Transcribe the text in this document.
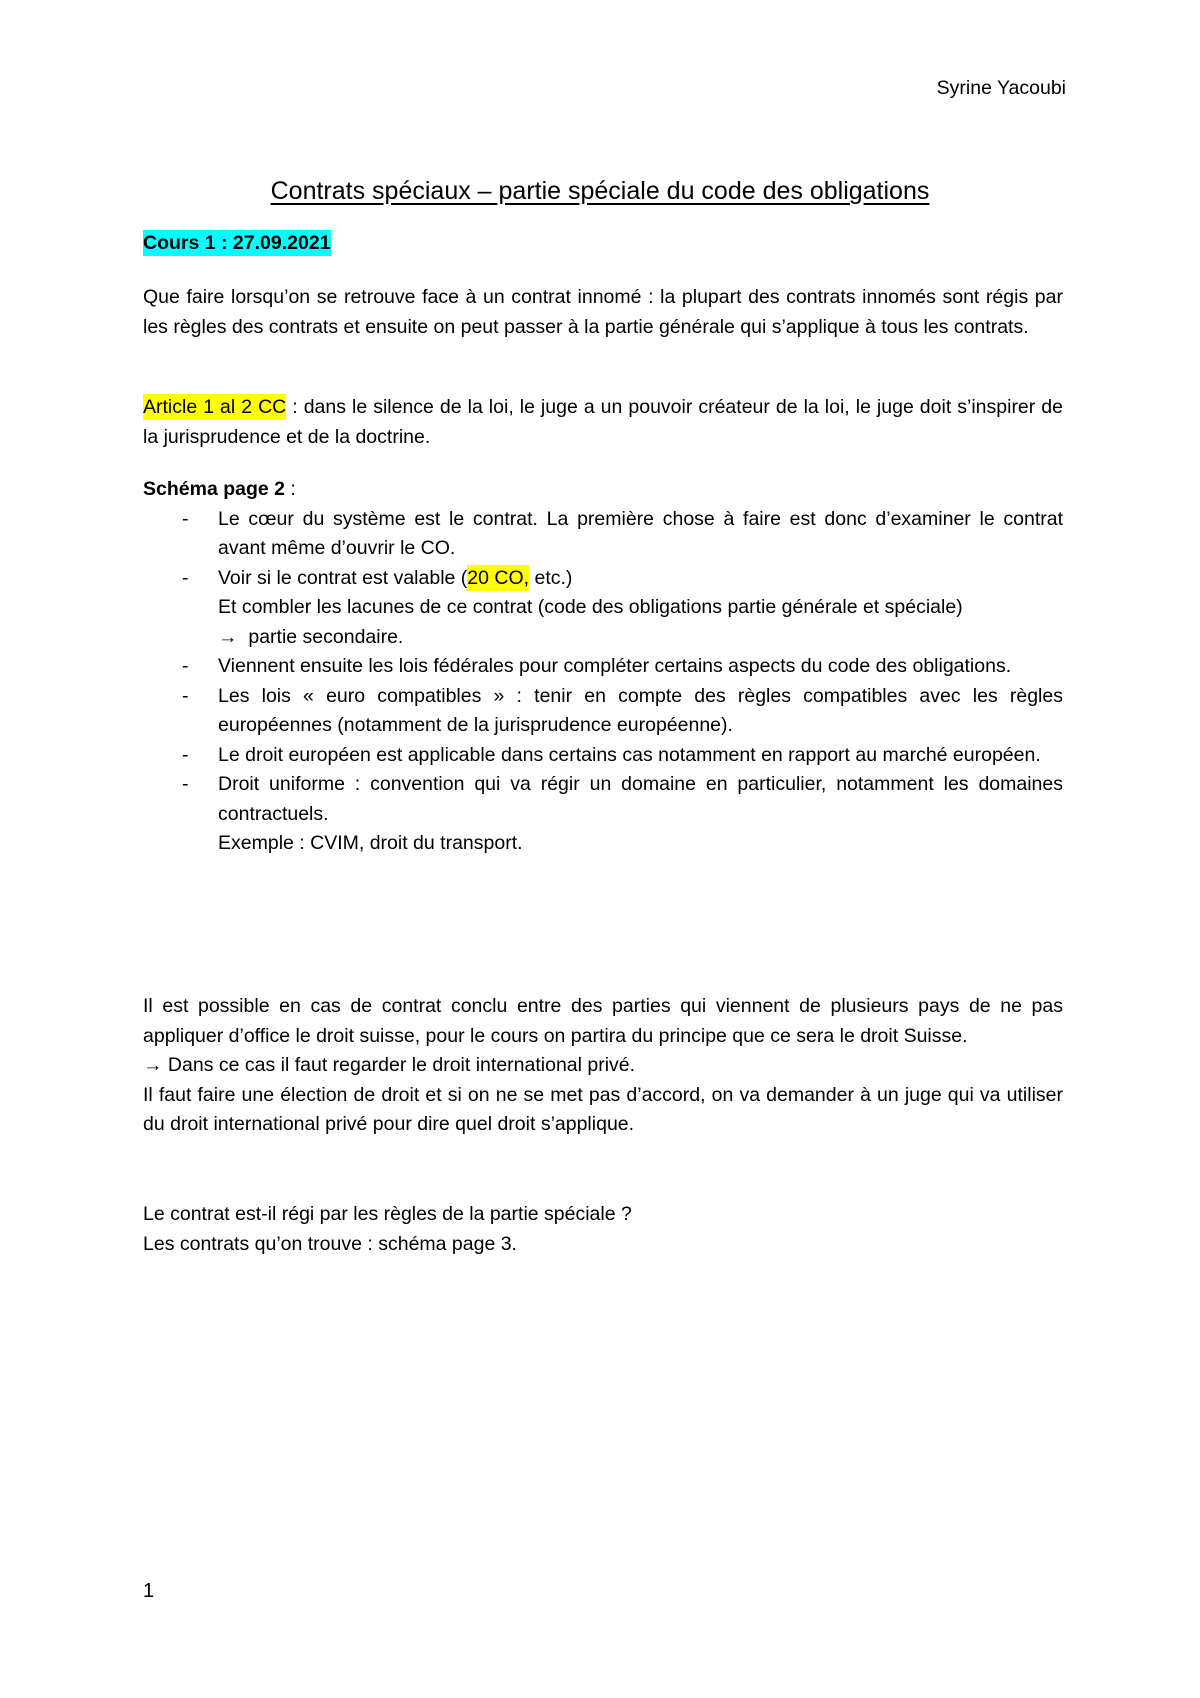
Syrine Yacoubi
Contrats spéciaux – partie spéciale du code des obligations
Cours 1 : 27.09.2021

Que faire lorsqu’on se retrouve face à un contrat innomé : la plupart des contrats innomés sont régis par les règles des contrats et ensuite on peut passer à la partie générale qui s’applique à tous les contrats.

Article 1 al 2 CC : dans le silence de la loi, le juge a un pouvoir créateur de la loi, le juge doit s’inspirer de la jurisprudence et de la doctrine.

Schéma page 2 :

- Le cœur du système est le contrat. La première chose à faire est donc d’examiner le contrat avant même d’ouvrir le CO.
- Voir si le contrat est valable (20 CO, etc.)
Et combler les lacunes de ce contrat (code des obligations partie générale et spéciale)
→ partie secondaire.
- Viennent ensuite les lois fédérales pour compléter certains aspects du code des obligations.
- Les lois « euro compatibles » : tenir en compte des règles compatibles avec les règles européennes (notamment de la jurisprudence européenne).
- Le droit européen est applicable dans certains cas notamment en rapport au marché européen.
- Droit uniforme : convention qui va régir un domaine en particulier, notamment les domaines contractuels.
Exemple : CVIM, droit du transport.

Il est possible en cas de contrat conclu entre des parties qui viennent de plusieurs pays de ne pas appliquer d’office le droit suisse, pour le cours on partira du principe que ce sera le droit Suisse.

→ Dans ce cas il faut regarder le droit international privé.

Il faut faire une élection de droit et si on ne se met pas d’accord, on va demander à un juge qui va utiliser du droit international privé pour dire quel droit s’applique.

Le contrat est-il régi par les règles de la partie spéciale ?

Les contrats qu’on trouve : schéma page 3.

1
